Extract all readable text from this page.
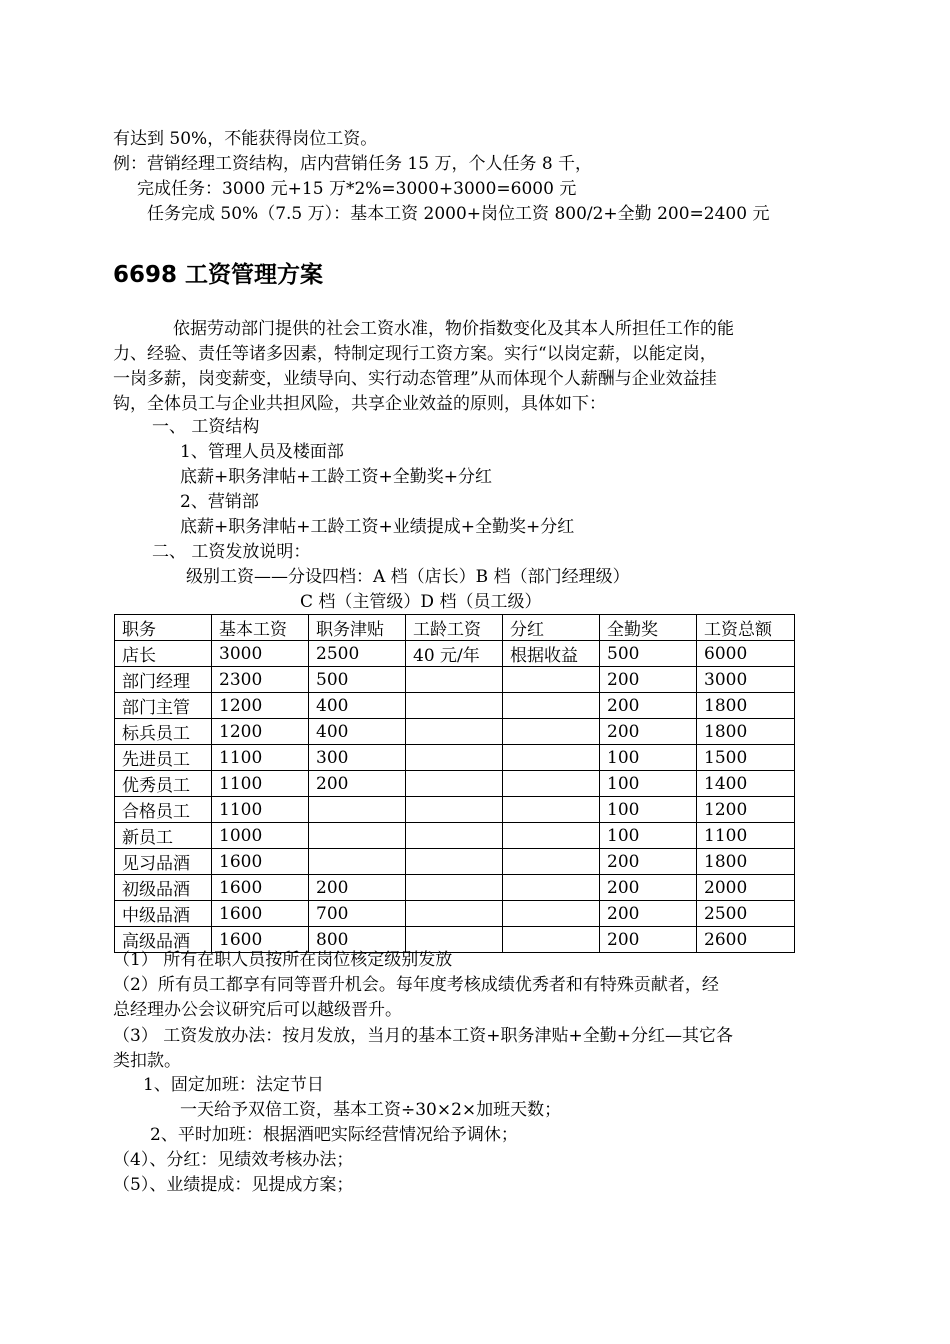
有达到 50%，不能获得岗位工资。
例：营销经理工资结构，店内营销任务 15 万，个人任务 8 千，
完成任务：3000 元+15 万*2%=3000+3000=6000 元
任务完成 50%（7.5 万）：基本工资 2000+岗位工资 800/2+全勤 200=2400 元
6698 工资管理方案
依据劳动部门提供的社会工资水准，物价指数变化及其本人所担任工作的能
力、经验、责任等诸多因素，特制定现行工资方案。实行“以岗定薪，以能定岗，
一岗多薪，岗变薪变，业绩导向、实行动态管理”从而体现个人薪酬与企业效益挂
钩，全体员工与企业共担风险，共享企业效益的原则，具体如下：
一、 工资结构
1、管理人员及楼面部
底薪+职务津帖+工龄工资+全勤奖+分红
2、营销部
底薪+职务津帖+工龄工资+业绩提成+全勤奖+分红
二、 工资发放说明：
级别工资——分设四档：A 档（店长）B 档（部门经理级）
C 档（主管级）D 档（员工级）
职务	基本工资	职务津贴	工龄工资	分红	全勤奖	工资总额
店长	3000	2500	40 元/年	根据收益	500	6000
部门经理	2300	500			200	3000
部门主管	1200	400			200	1800
标兵员工	1200	400			200	1800
先进员工	1100	300			100	1500
优秀员工	1100	200			100	1400
合格员工	1100				100	1200
新员工	1000				100	1100
见习品酒	1600				200	1800
初级品酒	1600	200			200	2000
中级品酒	1600	700			200	2500
高级品酒	1600	800			200	2600
（1） 所有在职人员按所在岗位核定级别发放
（2）所有员工都享有同等晋升机会。每年度考核成绩优秀者和有特殊贡献者，经
总经理办公会议研究后可以越级晋升。
（3） 工资发放办法：按月发放，当月的基本工资+职务津贴+全勤+分红—其它各
类扣款。
1、固定加班：法定节日
一天给予双倍工资，基本工资÷30×2×加班天数；
2、平时加班：根据酒吧实际经营情况给予调休；
（4）、分红：见绩效考核办法；
（5）、业绩提成：见提成方案；
